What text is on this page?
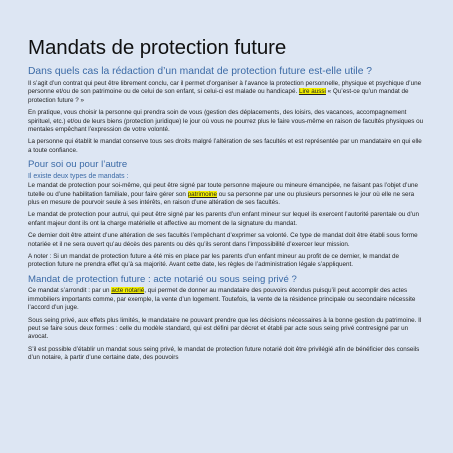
Mandats de protection future
Dans quels cas la rédaction d’un mandat de protection future est-elle utile ?

Il s’agit d’un contrat qui peut être librement conclu, car il permet d’organiser à l’avance la protection personnelle, physique et psychique d’une personne et/ou de son patrimoine ou de celui de son enfant, si celui-ci est malade ou handicapé. Lire aussi « Qu’est-ce qu’un mandat de protection future ? »

En pratique, vous choisir la personne qui prendra soin de vous (gestion des déplacements, des loisirs, des vacances, accompagnement spirituel, etc.) et/ou de leurs biens (protection juridique) le jour où vous ne pourrez plus le faire vous-même en raison de facultés physiques ou mentales empêchant l’expression de votre volonté.

La personne qui établit le mandat conserve tous ses droits malgré l’altération de ses facultés et est représentée par un mandataire en qui elle a toute confiance.

Pour soi ou pour l’autre
Il existe deux types de mandats :

Le mandat de protection pour soi-même, qui peut être signé par toute personne majeure ou mineure émancipée, ne faisant pas l’objet d’une tutelle ou d’une habilitation familiale, pour faire gérer son patrimoine ou sa personne par une ou plusieurs personnes le jour où elle ne sera plus en mesure de pourvoir seule à ses intérêts, en raison d’une altération de ses facultés.

Le mandat de protection pour autrui, qui peut être signé par les parents d’un enfant mineur sur lequel ils exercent l’autorité parentale ou d’un enfant majeur dont ils ont la charge matérielle et affective au moment de la signature du mandat.

Ce dernier doit être atteint d’une altération de ses facultés l’empêchant d’exprimer sa volonté. Ce type de mandat doit être établi sous forme notariée et il ne sera ouvert qu’au décès des parents ou dès qu’ils seront dans l’impossibilité d’exercer leur mission.

A noter : Si un mandat de protection future a été mis en place par les parents d’un enfant mineur au profit de ce dernier, le mandat de protection future ne prendra effet qu’à sa majorité. Avant cette date, les règles de l’administration légale s’appliquent.

Mandat de protection future : acte notarié ou sous seing privé ?

Ce mandat s’arrondit : par un acte notarié, qui permet de donner au mandataire des pouvoirs étendus puisqu’il peut accomplir des actes immobiliers importants comme, par exemple, la vente d’un logement. Toutefois, la vente de la résidence principale ou secondaire nécessite l’accord d’un juge.

Sous seing privé, aux effets plus limités, le mandataire ne pouvant prendre que les décisions nécessaires à la bonne gestion du patrimoine. Il peut se faire sous deux formes : celle du modèle standard, qui est défini par décret et établi par acte sous seing privé contresigné par un avocat.

S’il est possible d’établir un mandat sous seing privé, le mandat de protection future notarié doit être privilégié afin de bénéficier des conseils d’un notaire, à partir d’une certaine date, des pouvoirs
